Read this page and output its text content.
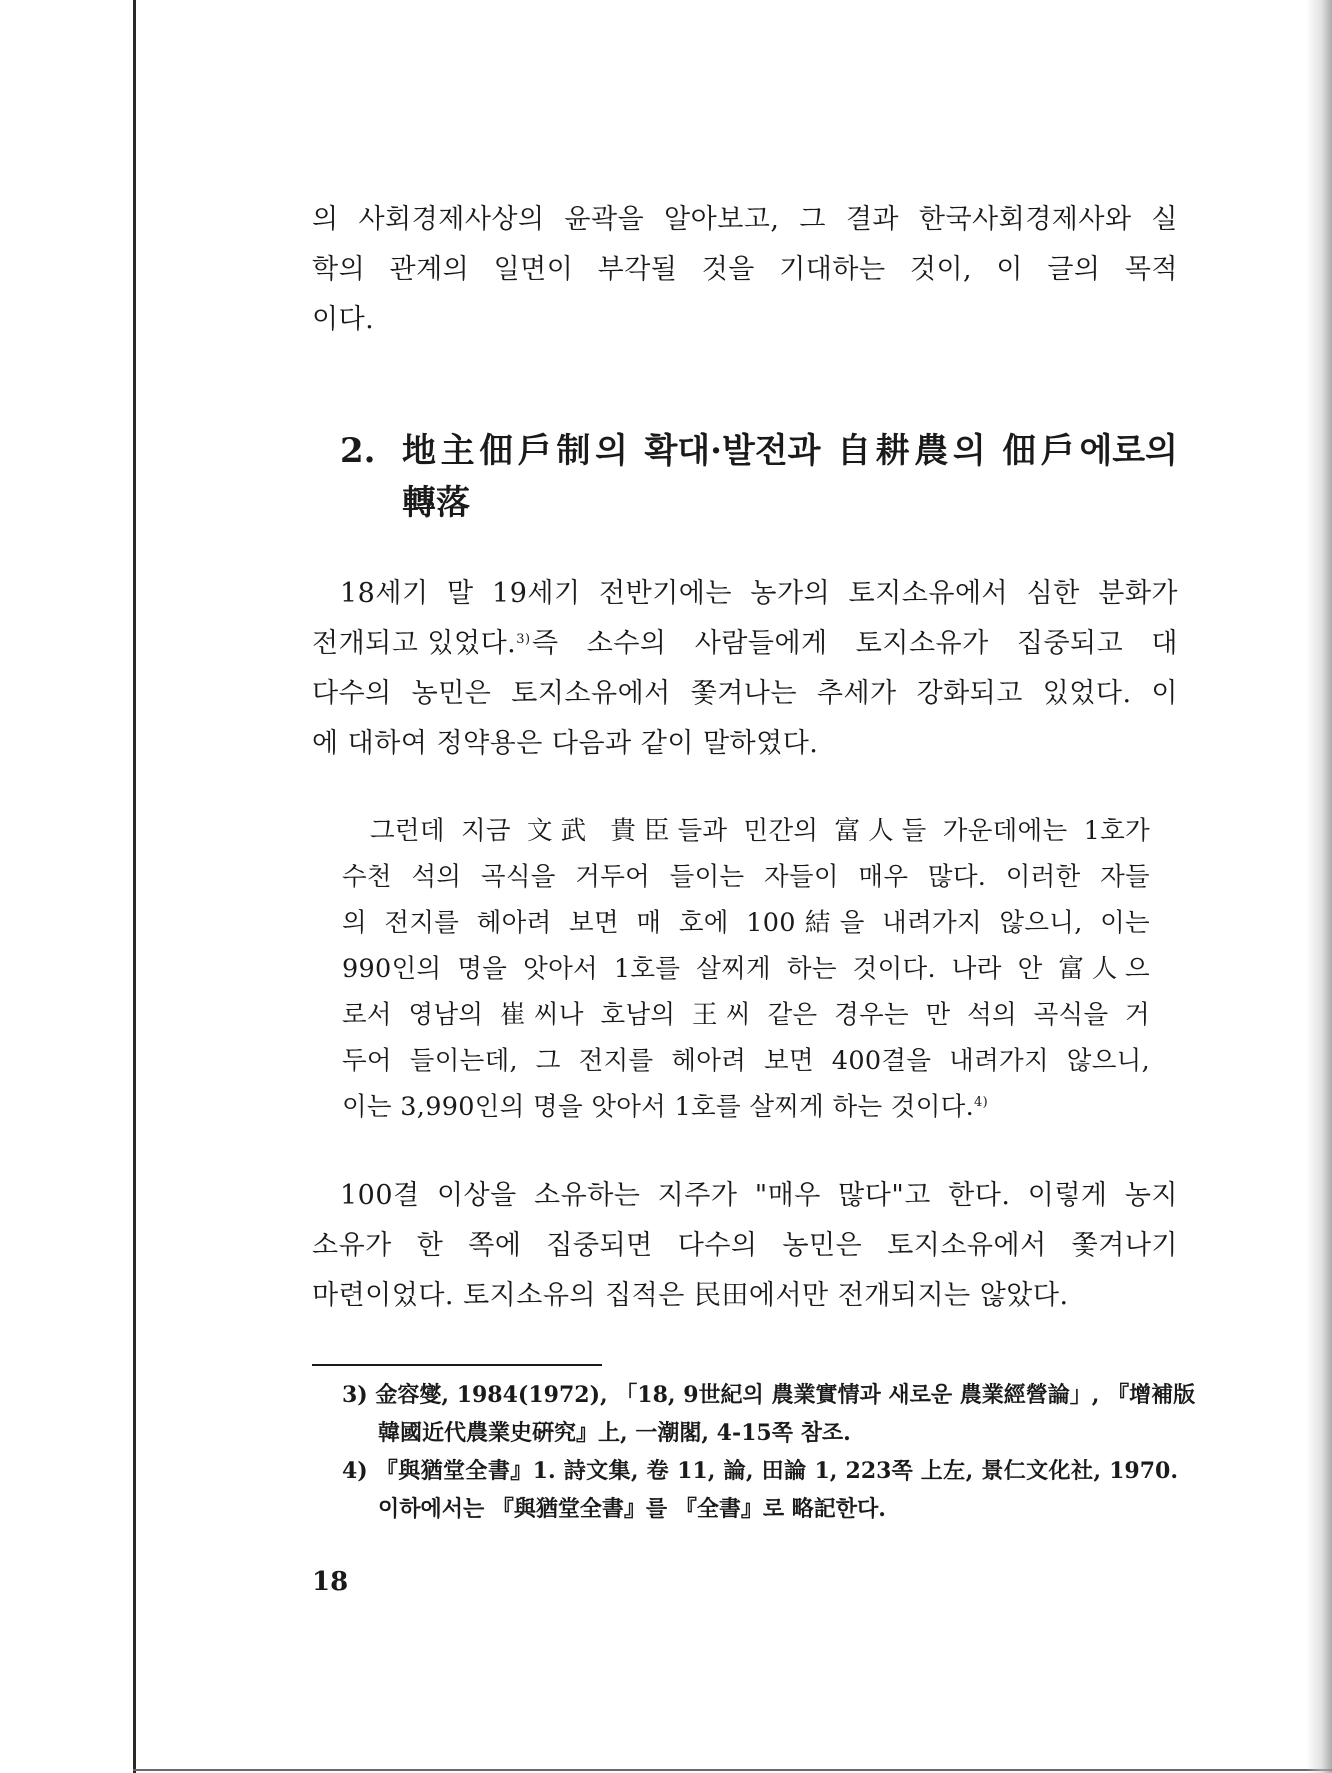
의 사회경제사상의 윤곽을 알아보고, 그 결과 한국사회경제사와 실
학의 관계의 일면이 부각될 것을 기대하는 것이, 이 글의 목적
이다.
2. 地主佃戶制의 확대·발전과 自耕農의 佃戶에로의
轉落
18세기 말 19세기 전반기에는 농가의 토지소유에서 심한 분화가
전개되고 있었다.$^{3)}$ 즉 소수의 사람들에게 토지소유가 집중되고 대
다수의 농민은 토지소유에서 쫓겨나는 추세가 강화되고 있었다. 이
에 대하여 정약용은 다음과 같이 말하였다.
그런데 지금 文武 貴臣들과 민간의 富人들 가운데에는 1호가
수천 석의 곡식을 거두어 들이는 자들이 매우 많다. 이러한 자들
의 전지를 헤아려 보면 매 호에 100結을 내려가지 않으니, 이는
990인의 명을 앗아서 1호를 살찌게 하는 것이다. 나라 안 富人으
로서 영남의 崔씨나 호남의 王씨 같은 경우는 만 석의 곡식을 거
두어 들이는데, 그 전지를 헤아려 보면 400결을 내려가지 않으니,
이는 3,990인의 명을 앗아서 1호를 살찌게 하는 것이다.$^{4)}$
100결 이상을 소유하는 지주가 "매우 많다"고 한다. 이렇게 농지
소유가 한 쪽에 집중되면 다수의 농민은 토지소유에서 쫓겨나기
마련이었다. 토지소유의 집적은 民田에서만 전개되지는 않았다.
3) 金容燮, 1984(1972), 「18, 9世紀의 農業實情과 새로운 農業經營論」, 『增補版
韓國近代農業史硏究』上, 一潮閣, 4-15쪽 참조.
4) 『與猶堂全書』1. 詩文集, 卷 11, 論, 田論 1, 223쪽 上左, 景仁文化社, 1970.
이하에서는 『與猶堂全書』를 『全書』로 略記한다.
18
